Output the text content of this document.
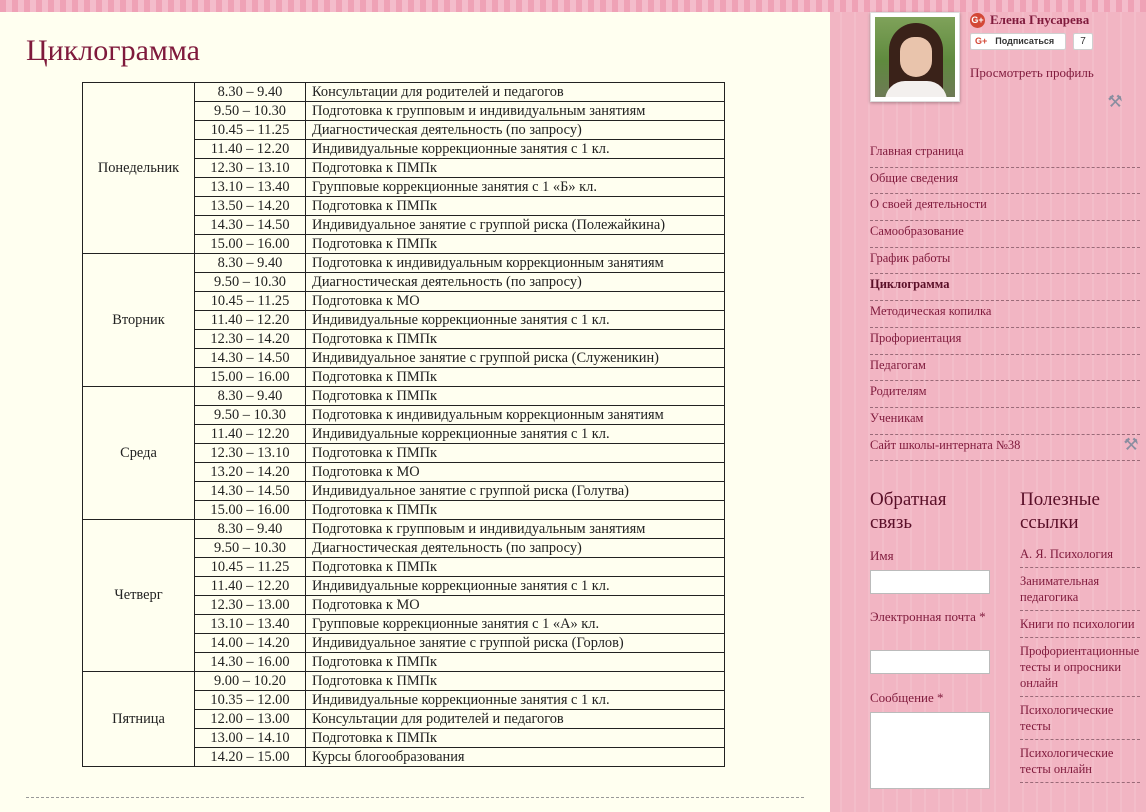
Циклограмма
Понедельник	8.30 – 9.40	Консультации для родителей и педагогов
	9.50 – 10.30	Подготовка к групповым и индивидуальным занятиям
	10.45 – 11.25	Диагностическая деятельность (по запросу)
	11.40 – 12.20	Индивидуальные коррекционные занятия с 1 кл.
	12.30 – 13.10	Подготовка к ПМПк
	13.10 – 13.40	Групповые коррекционные занятия с 1 «Б» кл.
	13.50 – 14.20	Подготовка к ПМПк
	14.30 – 14.50	Индивидуальное занятие с группой риска (Полежайкина)
	15.00 – 16.00	Подготовка к ПМПк
Вторник	8.30 – 9.40	Подготовка к индивидуальным коррекционным занятиям
	9.50 – 10.30	Диагностическая деятельность (по запросу)
	10.45 – 11.25	Подготовка к МО
	11.40 – 12.20	Индивидуальные коррекционные занятия с 1 кл.
	12.30 – 14.20	Подготовка к ПМПк
	14.30 – 14.50	Индивидуальное занятие с группой риска (Служеникин)
	15.00 – 16.00	Подготовка к ПМПк
Среда	8.30 – 9.40	Подготовка к ПМПк
	9.50 – 10.30	Подготовка к индивидуальным коррекционным занятиям
	11.40 – 12.20	Индивидуальные коррекционные занятия с 1 кл.
	12.30 – 13.10	Подготовка к ПМПк
	13.20 – 14.20	Подготовка к МО
	14.30 – 14.50	Индивидуальное занятие с группой риска (Голутва)
	15.00 – 16.00	Подготовка к ПМПк
Четверг	8.30 – 9.40	Подготовка к групповым и индивидуальным занятиям
	9.50 – 10.30	Диагностическая деятельность (по запросу)
	10.45 – 11.25	Подготовка к ПМПк
	11.40 – 12.20	Индивидуальные коррекционные занятия с 1 кл.
	12.30 – 13.00	Подготовка к МО
	13.10 – 13.40	Групповые коррекционные занятия с 1 «А» кл.
	14.00 – 14.20	Индивидуальное занятие с группой риска (Горлов)
	14.30 – 16.00	Подготовка к ПМПк
Пятница	9.00 – 10.20	Подготовка к ПМПк
	10.35 – 12.00	Индивидуальные коррекционные занятия с 1 кл.
	12.00 – 13.00	Консультации для родителей и педагогов
	13.00 – 14.10	Подготовка к ПМПк
	14.20 – 15.00	Курсы блогообразования
G+ Елена Гнусарева
G+ Подписаться	7
Просмотреть профиль
⚒
Главная страница
Общие сведения
О своей деятельности
Самообразование
График работы
Циклограмма
Методическая копилка
Профориентация
Педагогам
Родителям
Ученикам
Сайт школы-интерната №38	⚒
Обратная
связь
Имя
Электронная почта *
Сообщение *
Полезные
ссылки
А. Я. Психология
Занимательная педагогика
Книги по психологии
Профориентационные тесты и опросники онлайн
Психологические тесты
Психологические тесты онлайн
